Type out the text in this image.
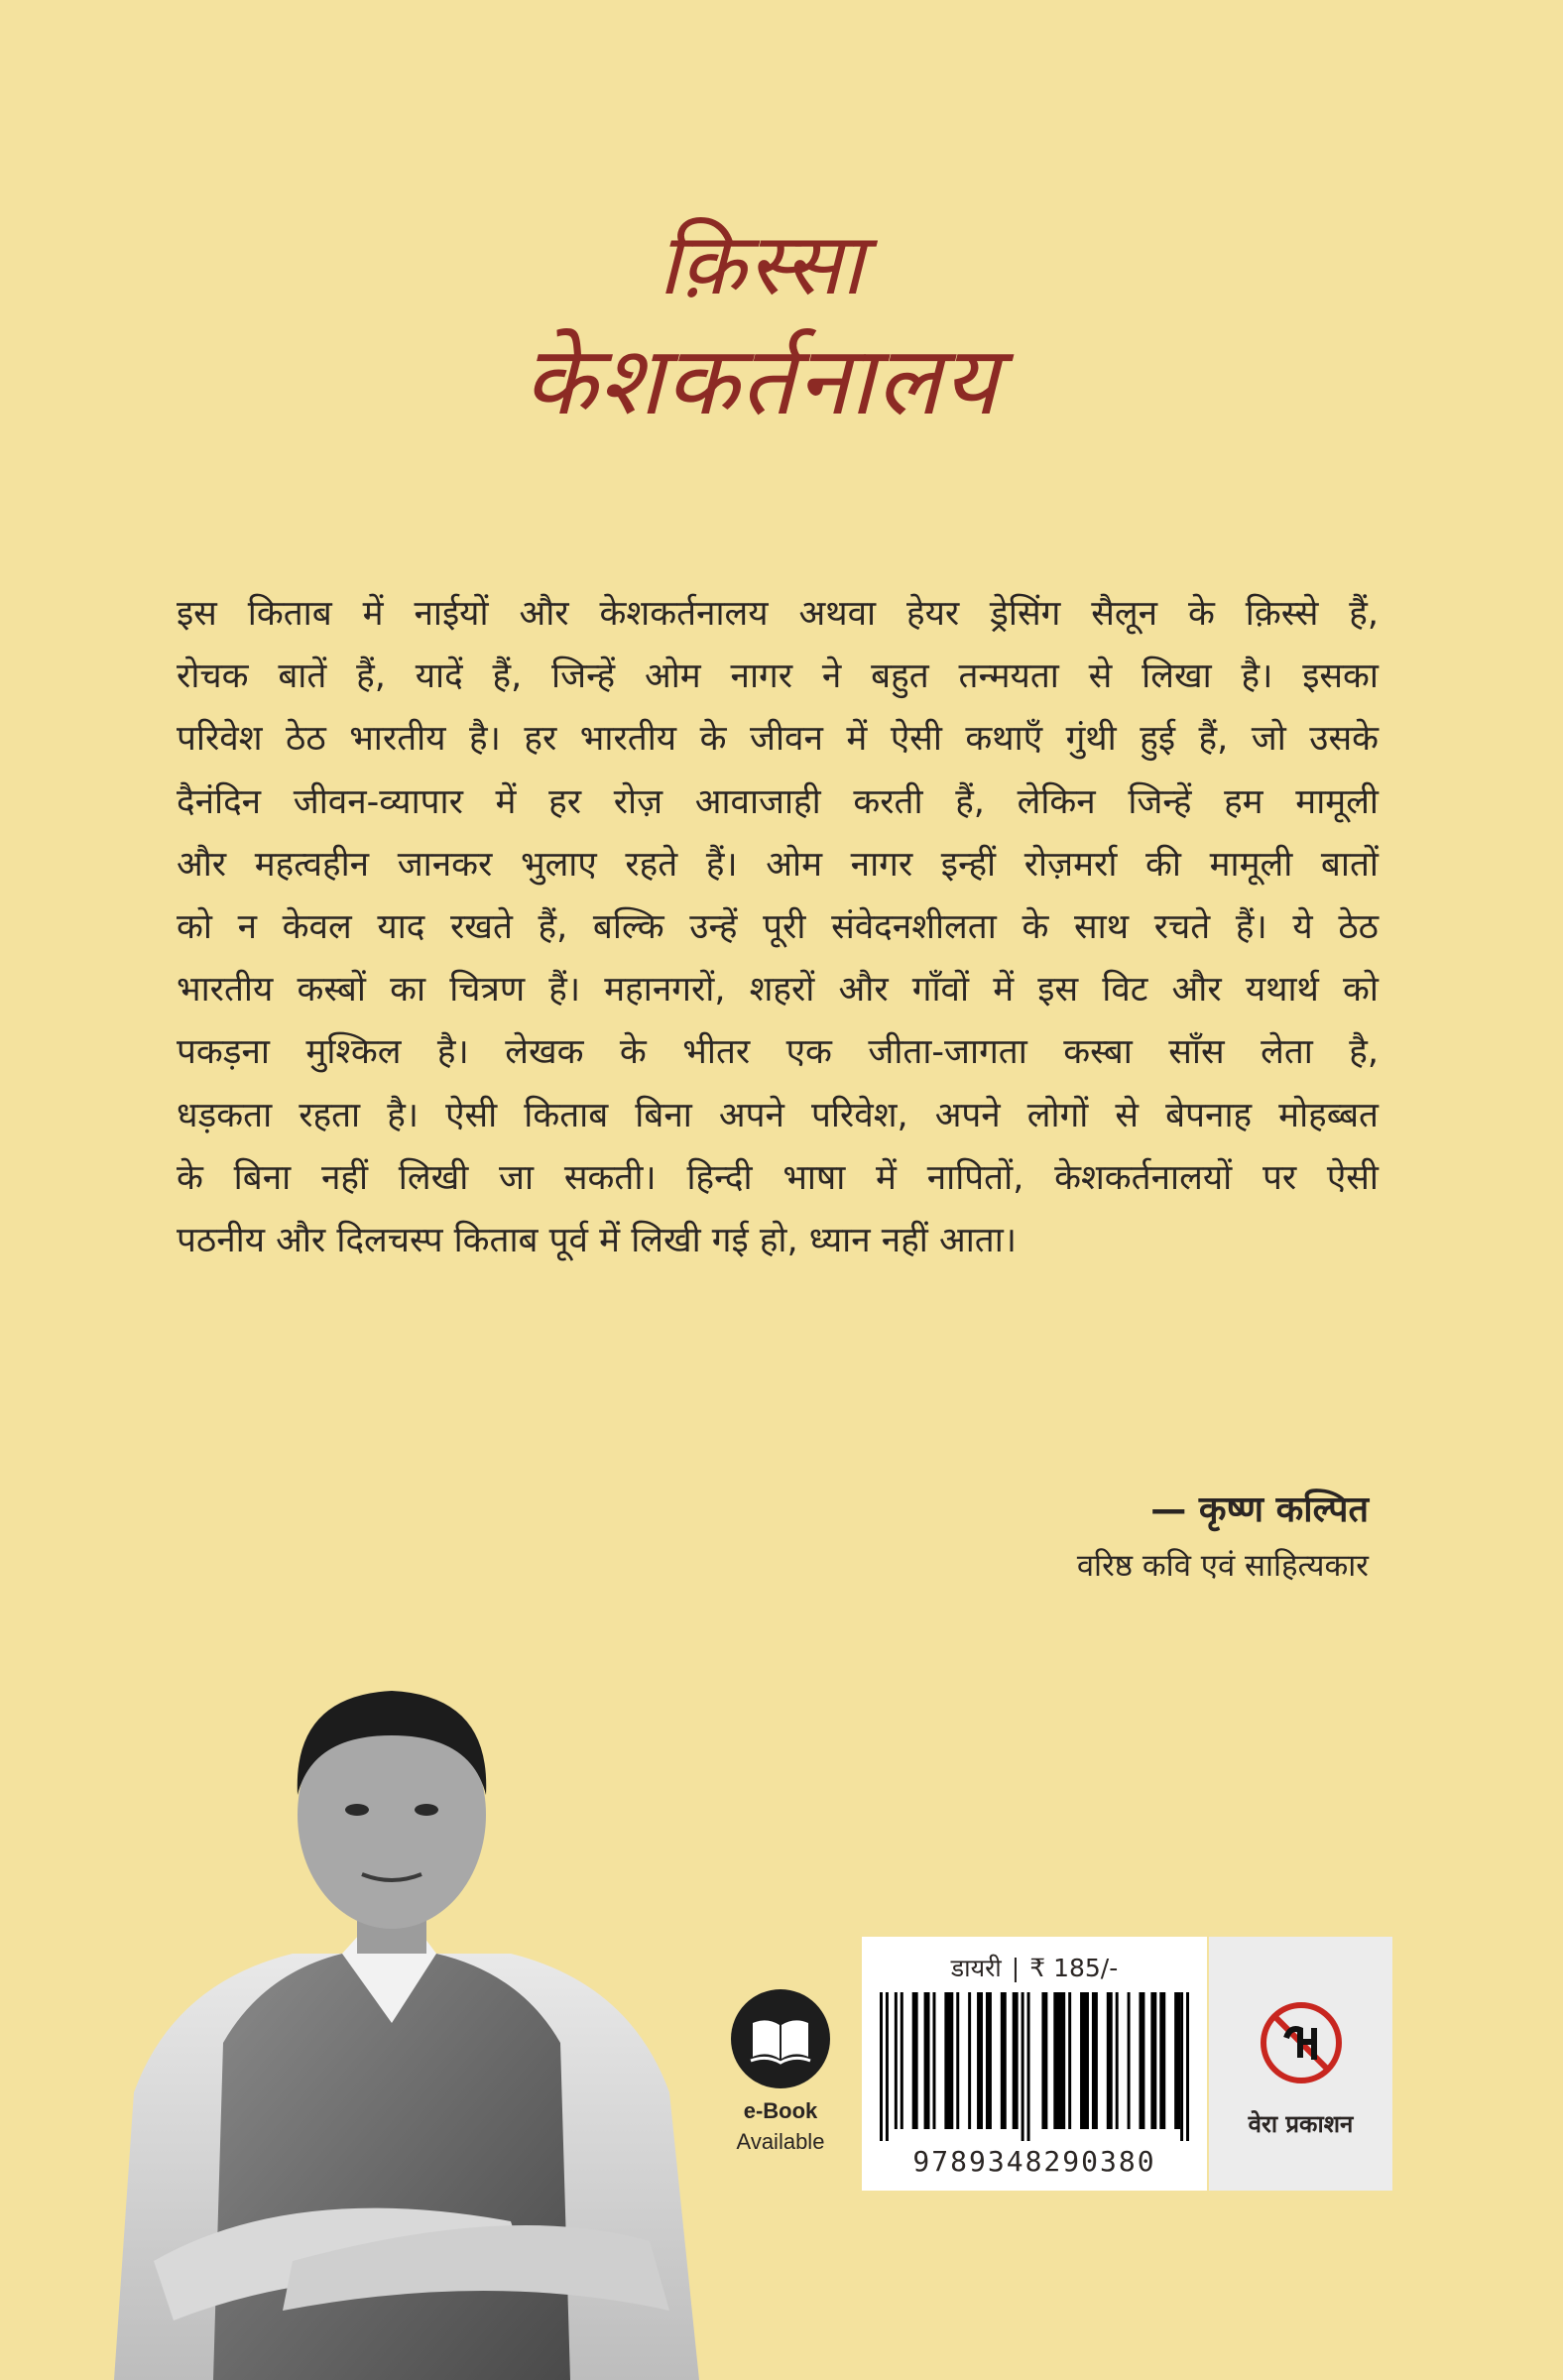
क़िस्सा
केशकर्तनालय
इस किताब में नाईयों और केशकर्तनालय अथवा हेयर ड्रेसिंग सैलून के क़िस्से हैं,
रोचक बातें हैं, यादें हैं, जिन्हें ओम नागर ने बहुत तन्मयता से लिखा है। इसका
परिवेश ठेठ भारतीय है। हर भारतीय के जीवन में ऐसी कथाएँ गुंथी हुई हैं, जो उसके
दैनंदिन जीवन-व्यापार में हर रोज़ आवाजाही करती हैं, लेकिन जिन्हें हम मामूली
और महत्वहीन जानकर भुलाए रहते हैं। ओम नागर इन्हीं रोज़मर्रा की मामूली बातों
को न केवल याद रखते हैं, बल्कि उन्हें पूरी संवेदनशीलता के साथ रचते हैं। ये ठेठ
भारतीय कस्बों का चित्रण हैं। महानगरों, शहरों और गाँवों में इस विट और यथार्थ को
पकड़ना मुश्किल है। लेखक के भीतर एक जीता-जागता कस्बा साँस लेता है,
धड़कता रहता है। ऐसी किताब बिना अपने परिवेश, अपने लोगों से बेपनाह मोहब्बत
के बिना नहीं लिखी जा सकती। हिन्दी भाषा में नापितों, केशकर्तनालयों पर ऐसी
पठनीय और दिलचस्प किताब पूर्व में लिखी गई हो, ध्यान नहीं आता।
— कृष्ण कल्पित
वरिष्ठ कवि एवं साहित्यकार
e-Book
Available
डायरी | ₹ 185/-
9789348290380
वेरा प्रकाशन
